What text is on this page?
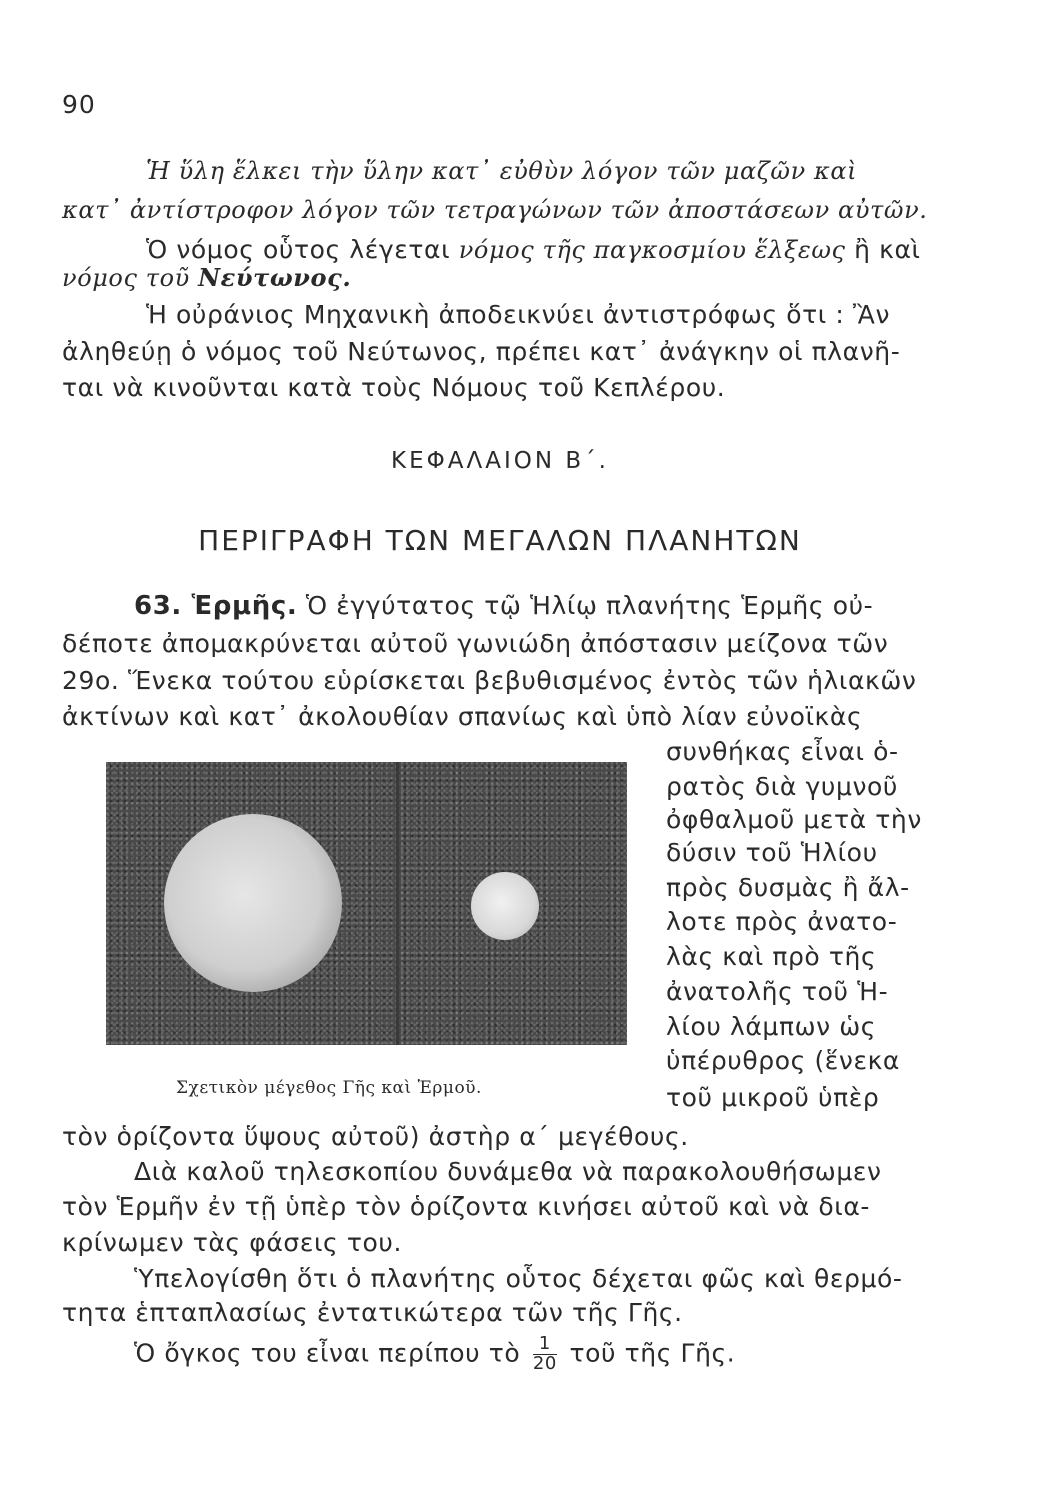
90
Ἡ ὕλη ἕλκει τὴν ὕλην κατ᾽ εὐθὺν λόγον τῶν μαζῶν καὶ
κατ᾽ ἀντίστροφον λόγον τῶν τετραγώνων τῶν ἀποστάσεων αὐτῶν.
Ὁ νόμος οὗτος λέγεται νόμος τῆς παγκοσμίου ἕλξεως ἢ καὶ
νόμος τοῦ Νεύτωνος.
Ἡ οὐράνιος Μηχανικὴ ἀποδεικνύει ἀντιστρόφως ὅτι : Ἂν
ἀληθεύῃ ὁ νόμος τοῦ Νεύτωνος, πρέπει κατ᾽ ἀνάγκην οἱ πλανῆ-
ται νὰ κινοῦνται κατὰ τοὺς Νόμους τοῦ Κεπλέρου.
ΚΕΦΑΛΑΙΟΝ Β΄.
ΠΕΡΙΓΡΑΦΗ ΤΩΝ ΜΕΓΑΛΩΝ ΠΛΑΝΗΤΩΝ
63. Ἑρμῆς. Ὁ ἐγγύτατος τῷ Ἡλίῳ πλανήτης Ἑρμῆς οὐ-
δέποτε ἀπομακρύνεται αὐτοῦ γωνιώδη ἀπόστασιν μείζονα τῶν
29ο. Ἕνεκα τούτου εὑρίσκεται βεβυθισμένος ἐντὸς τῶν ἡλιακῶν
ἀκτίνων καὶ κατ᾽ ἀκολουθίαν σπανίως καὶ ὑπὸ λίαν εὐνοϊκὰς
συνθήκας εἶναι ὁ-
ρατὸς διὰ γυμνοῦ
ὀφθαλμοῦ μετὰ τὴν
δύσιν τοῦ Ἡλίου
πρὸς δυσμὰς ἢ ἄλ-
λοτε πρὸς ἀνατο-
λὰς καὶ πρὸ τῆς
ἀνατολῆς τοῦ Ἡ-
λίου λάμπων ὡς
ὑπέρυθρος (ἕνεκα
τοῦ μικροῦ ὑπὲρ
Σχετικὸν μέγεθος Γῆς καὶ Ἑρμοῦ.
τὸν ὁρίζοντα ὕψους αὐτοῦ) ἀστὴρ α΄ μεγέθους.
Διὰ καλοῦ τηλεσκοπίου δυνάμεθα νὰ παρακολουθήσωμεν
τὸν Ἑρμῆν ἐν τῇ ὑπὲρ τὸν ὁρίζοντα κινήσει αὐτοῦ καὶ νὰ δια-
κρίνωμεν τὰς φάσεις του.
Ὑπελογίσθη ὅτι ὁ πλανήτης οὗτος δέχεται φῶς καὶ θερμό-
τητα ἑπταπλασίως ἐντατικώτερα τῶν τῆς Γῆς.
Ὁ ὄγκος του εἶναι περίπου τὸ $\frac{1}{20}$ τοῦ τῆς Γῆς.
